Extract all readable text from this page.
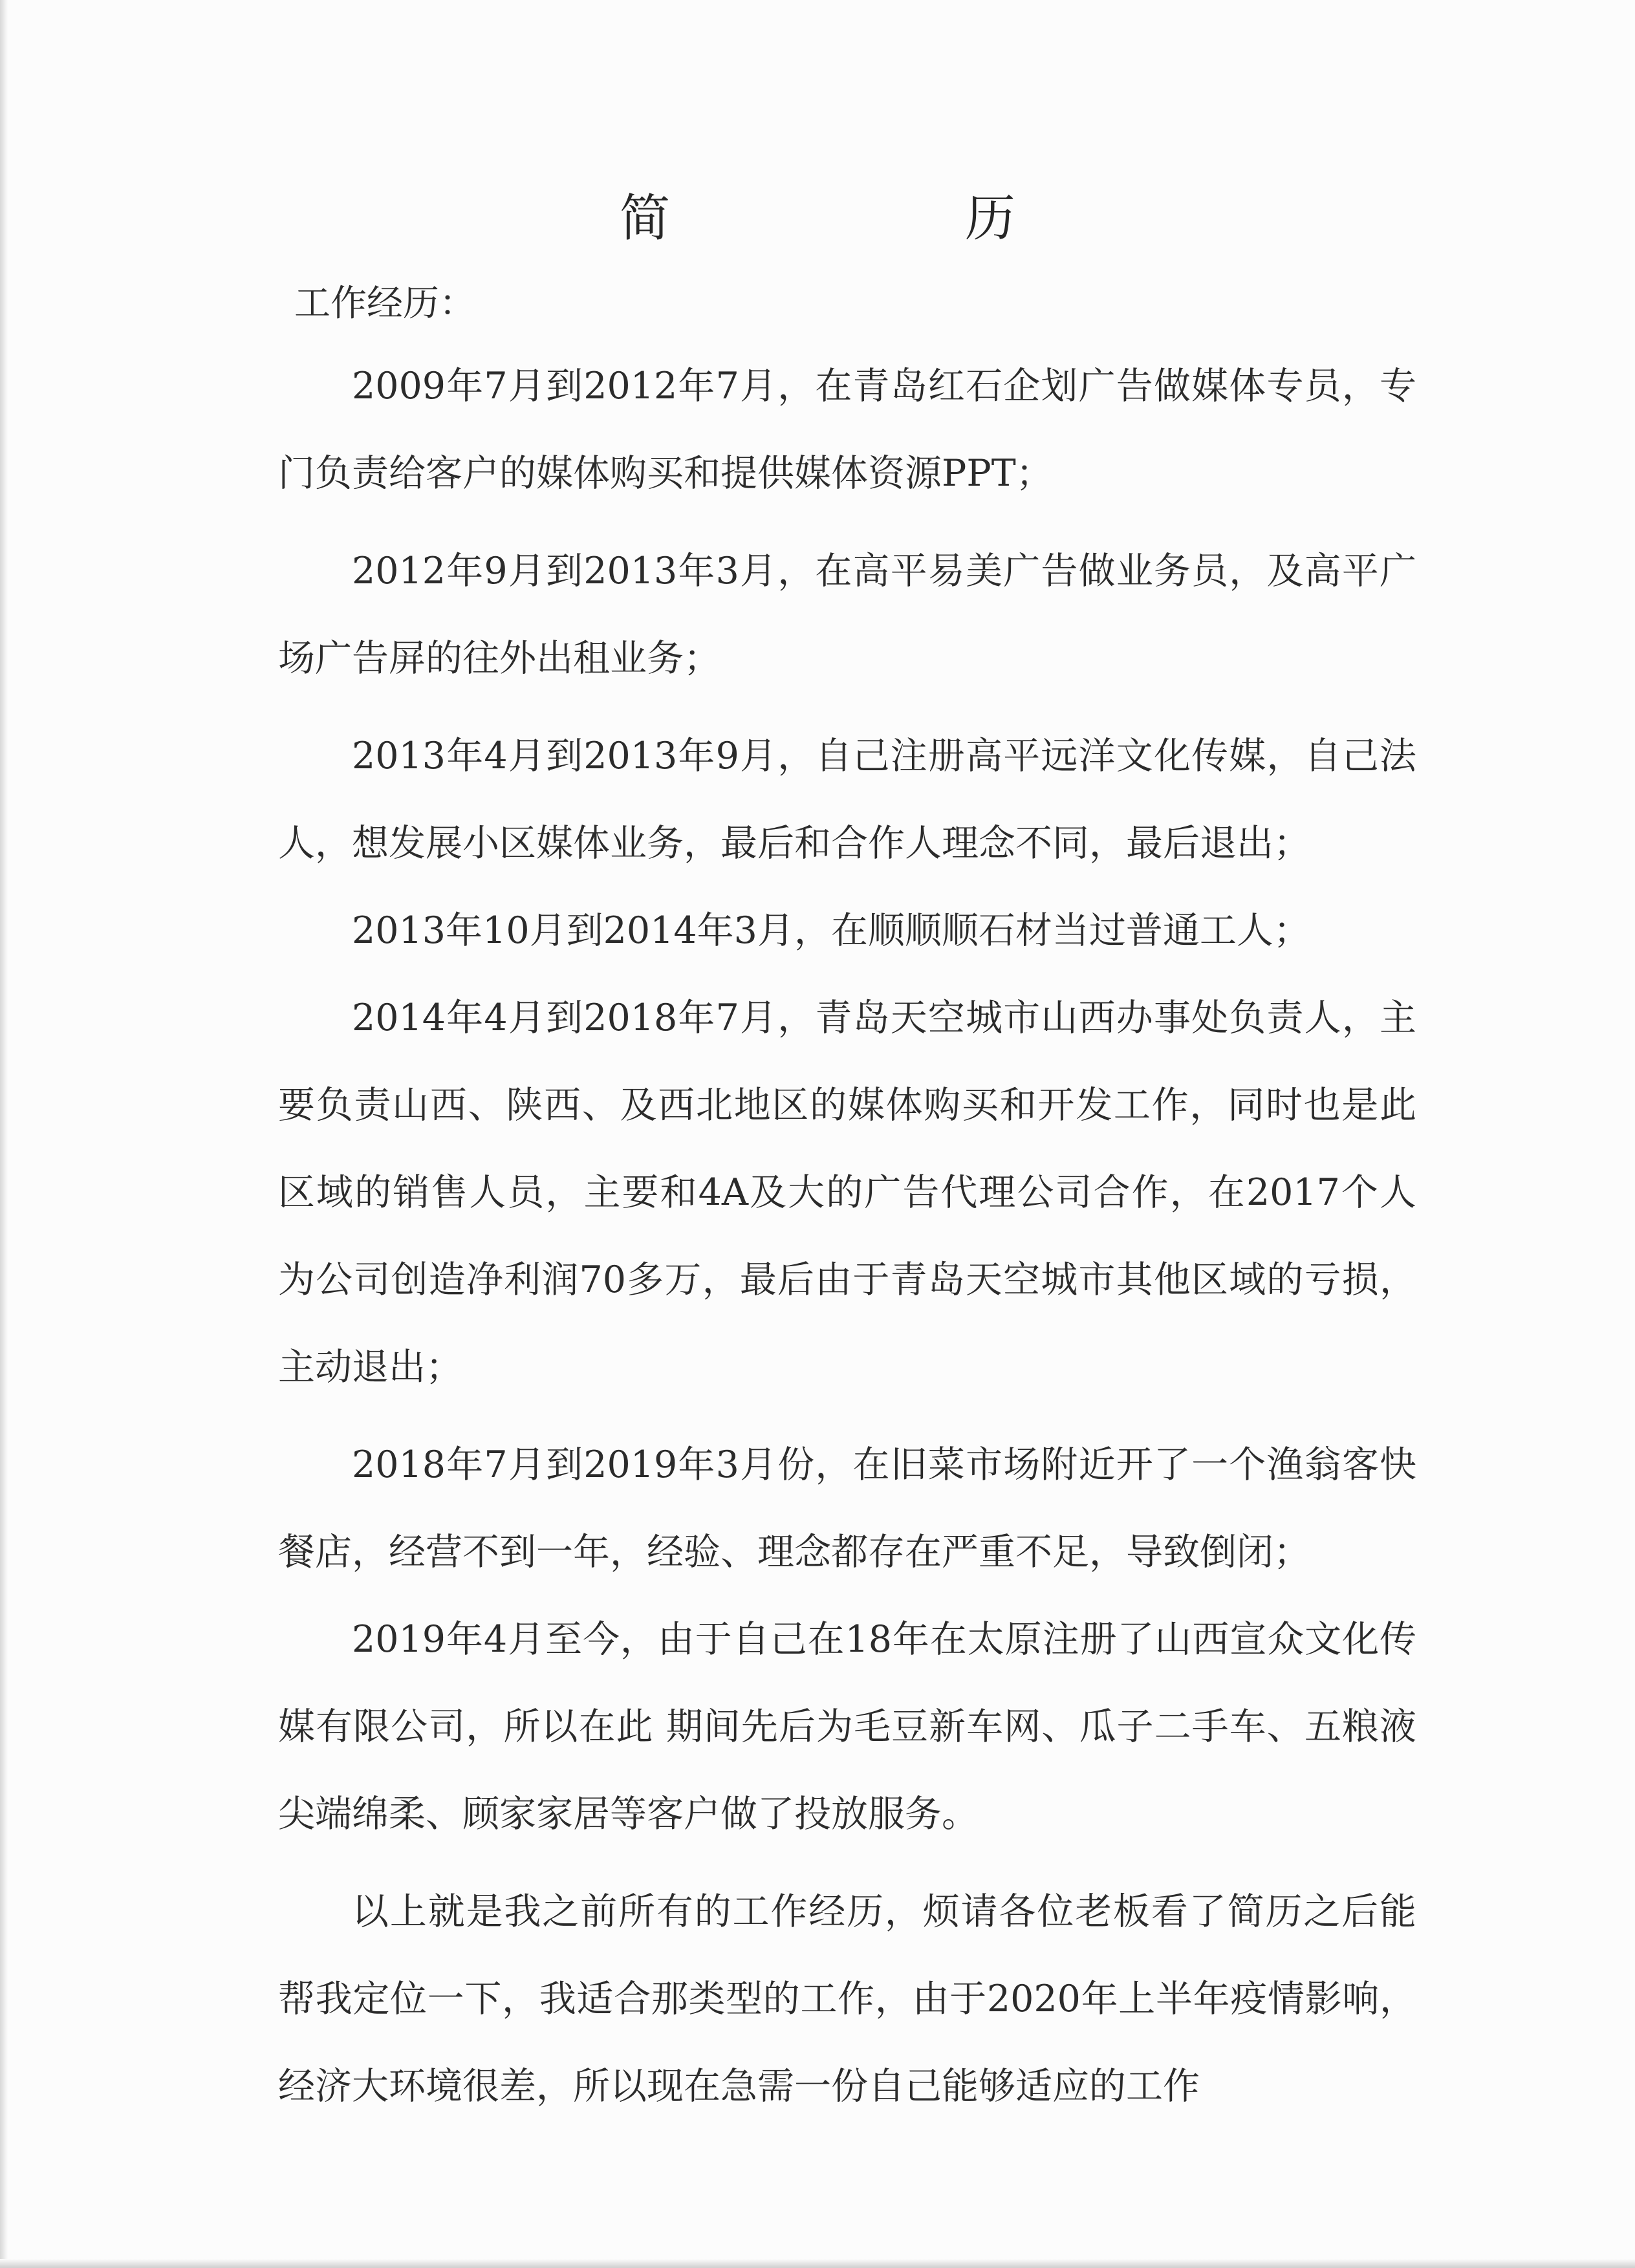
简　　历
工作经历：

2009年7月到2012年7月，在青岛红石企划广告做媒体专员，专门负责给客户的媒体购买和提供媒体资源PPT；

2012年9月到2013年3月，在高平易美广告做业务员，及高平广场广告屏的往外出租业务；

2013年4月到2013年9月，自己注册高平远洋文化传媒，自己法人，想发展小区媒体业务，最后和合作人理念不同，最后退出；

2013年10月到2014年3月，在顺顺顺石材当过普通工人；

2014年4月到2018年7月，青岛天空城市山西办事处负责人，主要负责山西、陕西、及西北地区的媒体购买和开发工作，同时也是此区域的销售人员，主要和4A及大的广告代理公司合作，在2017个人为公司创造净利润70多万，最后由于青岛天空城市其他区域的亏损，主动退出；

2018年7月到2019年3月份，在旧菜市场附近开了一个渔翁客快餐店，经营不到一年，经验、理念都存在严重不足，导致倒闭；

2019年4月至今，由于自己在18年在太原注册了山西宣众文化传媒有限公司，所以在此 期间先后为毛豆新车网、瓜子二手车、五粮液尖端绵柔、顾家家居等客户做了投放服务。

以上就是我之前所有的工作经历，烦请各位老板看了简历之后能帮我定位一下，我适合那类型的工作，由于2020年上半年疫情影响，经济大环境很差，所以现在急需一份自己能够适应的工作
